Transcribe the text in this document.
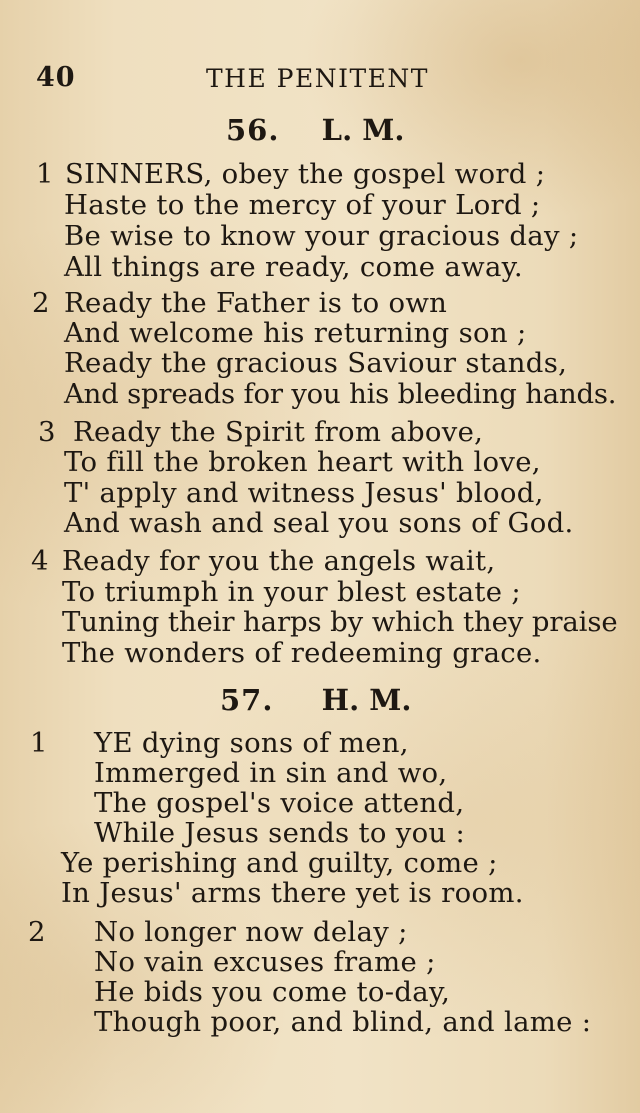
40	THE PENITENT
56. L. M.
1 SINNERS, obey the gospel word ;
Haste to the mercy of your Lord ;
Be wise to know your gracious day ;
All things are ready, come away.
2 Ready the Father is to own
And welcome his returning son ;
Ready the gracious Saviour stands,
And spreads for you his bleeding hands.
3 Ready the Spirit from above,
To fill the broken heart with love,
T' apply and witness Jesus' blood,
And wash and seal you sons of God.
4 Ready for you the angels wait,
To triumph in your blest estate ;
Tuning their harps by which they praise
The wonders of redeeming grace.
57. H. M.
1 YE dying sons of men,
Immerged in sin and wo,
The gospel's voice attend,
While Jesus sends to you :
Ye perishing and guilty, come ;
In Jesus' arms there yet is room.
2 No longer now delay ;
No vain excuses frame ;
He bids you come to-day,
Though poor, and blind, and lame :
